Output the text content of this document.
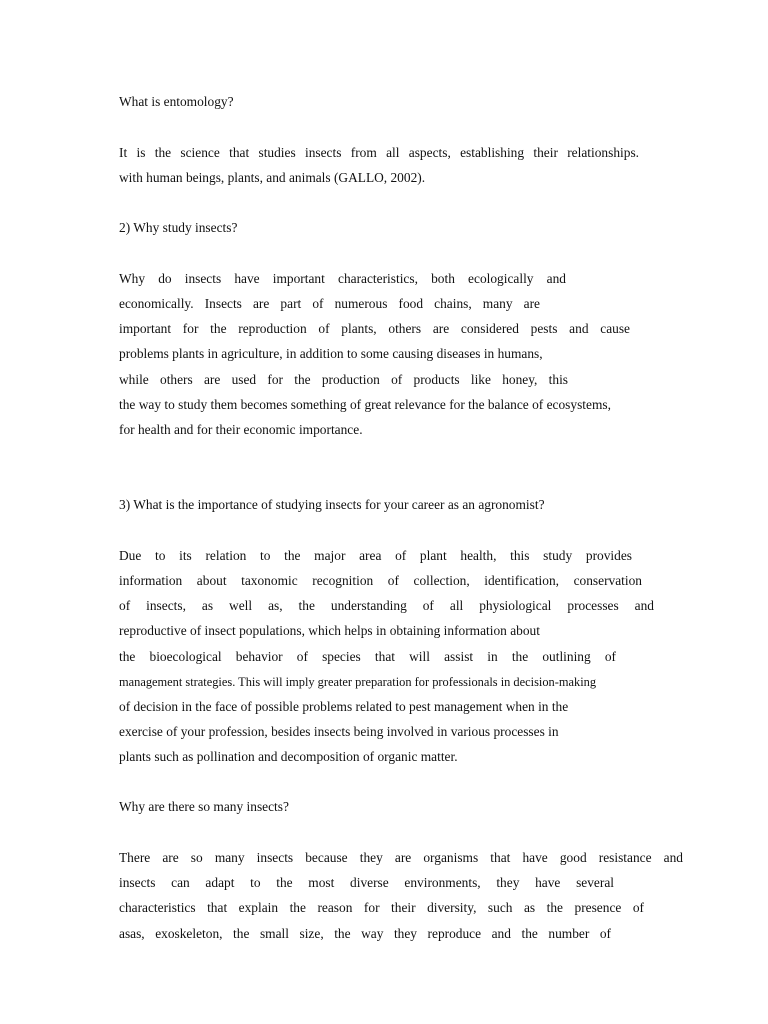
What is entomology?

It is the science that studies insects from all aspects, establishing their relationships.

with human beings, plants, and animals (GALLO, 2002).

2) Why study insects?

Why do insects have important characteristics, both ecologically and

economically. Insects are part of numerous food chains, many are

important for the reproduction of plants, others are considered pests and cause

problems plants in agriculture, in addition to some causing diseases in humans,

while others are used for the production of products like honey, this

the way to study them becomes something of great relevance for the balance of ecosystems,

for health and for their economic importance.

3) What is the importance of studying insects for your career as an agronomist?

Due to its relation to the major area of plant health, this study provides

information about taxonomic recognition of collection, identification, conservation

of insects, as well as, the understanding of all physiological processes and

reproductive of insect populations, which helps in obtaining information about

the bioecological behavior of species that will assist in the outlining of

management strategies. This will imply greater preparation for professionals in decision-making

of decision in the face of possible problems related to pest management when in the

exercise of your profession, besides insects being involved in various processes in

plants such as pollination and decomposition of organic matter.

Why are there so many insects?

There are so many insects because they are organisms that have good resistance and

insects can adapt to the most diverse environments, they have several

characteristics that explain the reason for their diversity, such as the presence of

asas, exoskeleton, the small size, the way they reproduce and the number of
